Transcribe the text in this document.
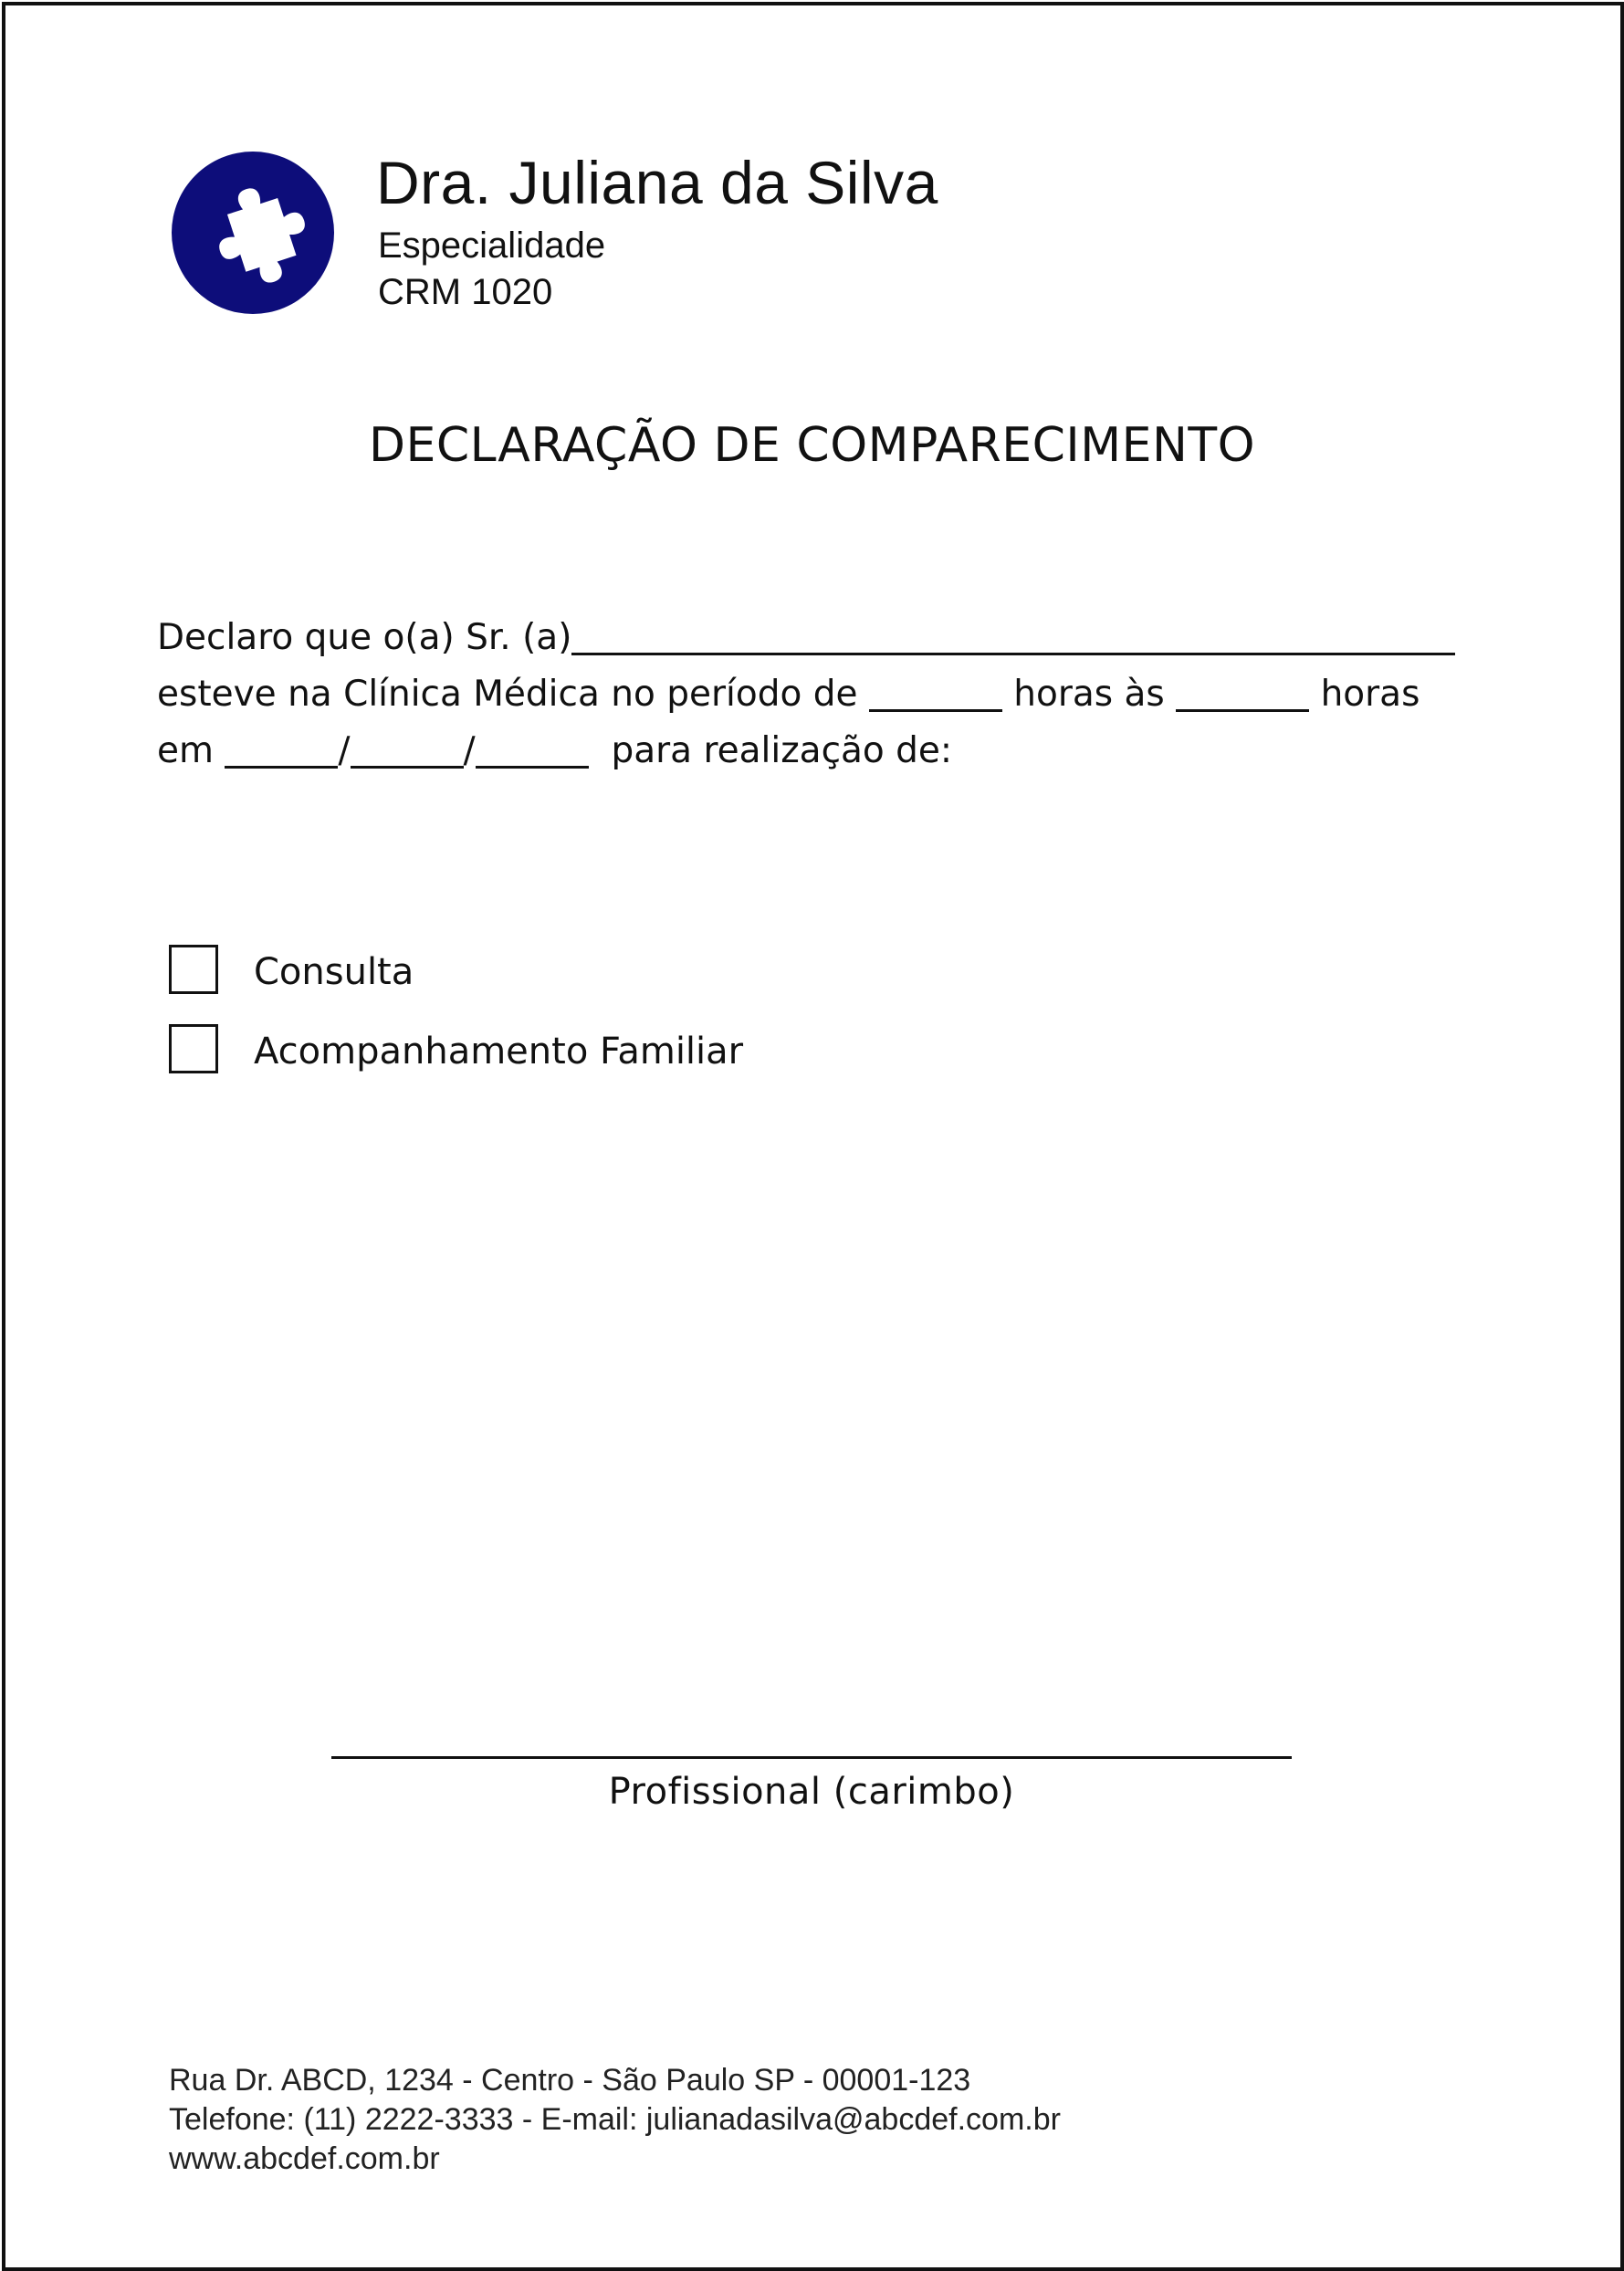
Dra. Juliana da Silva
Especialidade
CRM 1020
DECLARAÇÃO DE COMPARECIMENTO
Declaro que o(a) Sr. (a)
esteve na Clínica Médica no período de	horas às	horas
em	/	/	para realização de:
Consulta
Acompanhamento Familiar
Profissional (carimbo)
Rua Dr. ABCD, 1234 - Centro - São Paulo SP - 00001-123
Telefone: (11) 2222-3333 - E-mail: julianadasilva@abcdef.com.br
www.abcdef.com.br
